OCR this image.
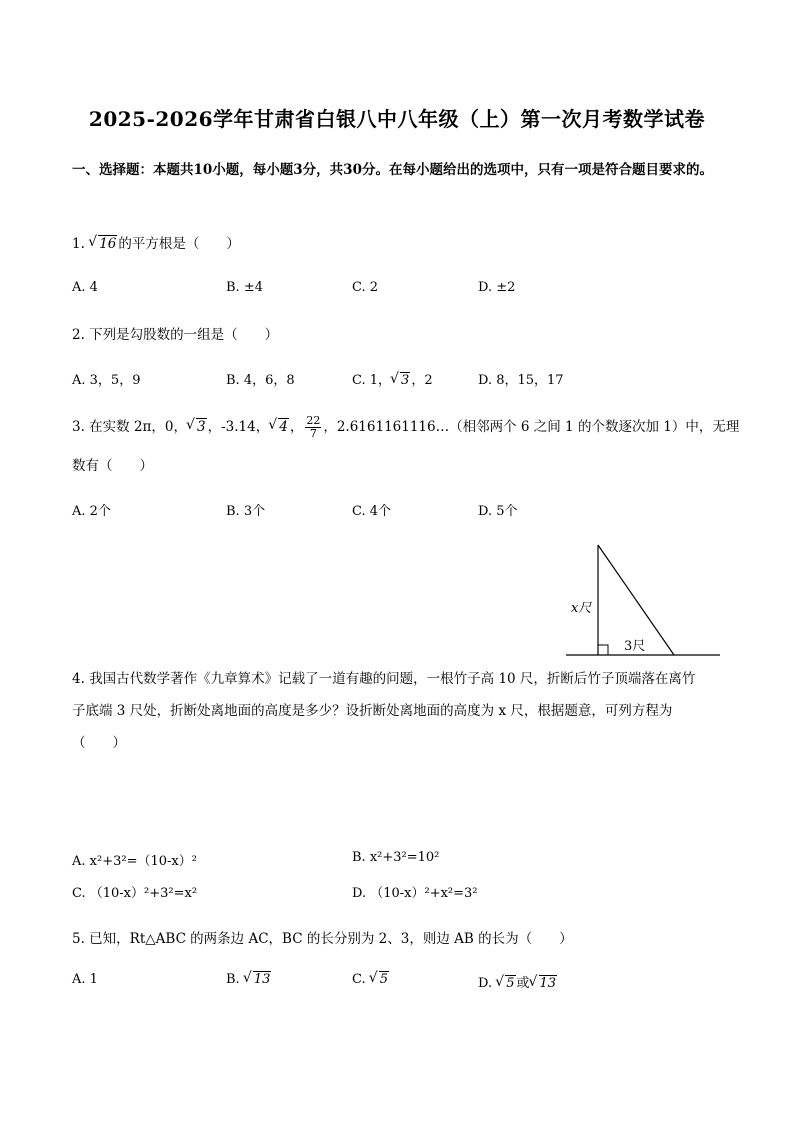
2025-2026学年甘肃省白银八中八年级（上）第一次月考数学试卷
一、选择题：本题共10小题，每小题3分，共30分。在每小题给出的选项中，只有一项是符合题目要求的。
1. √ 16 的平方根是（　　）
A. 4	B. ±4	C. 2	D. ±2
2. 下列是勾股数的一组是（　　）
A. 3，5，9	B. 4，6，8	C. 1， √ 3 ，2	D. 8，15，17
3. 在实数 2π，0， √ 3 ，-3.14， √ 4 ， $\frac{22}{7}$ ，2.6161161116…（相邻两个 6 之间 1 的个数逐次加 1）中，无理
数有（　　）
A. 2个	B. 3个	C. 4个	D. 5个
x尺
3尺
4. 我国古代数学著作《九章算术》记载了一道有趣的问题，一根竹子高 10 尺，折断后竹子顶端落在离竹
子底端 3 尺处，折断处离地面的高度是多少？设折断处离地面的高度为 x 尺，根据题意，可列方程为
（　　）
A. x²+3²=（10-x）²	B. x²+3²=10²
C. （10-x）²+3²=x²	D. （10-x）²+x²=3²
5. 已知，Rt△ABC 的两条边 AC，BC 的长分别为 2、3，则边 AB 的长为（　　）
A. 1	B. √ 13	C. √ 5	D. √ 5 或 √ 13
